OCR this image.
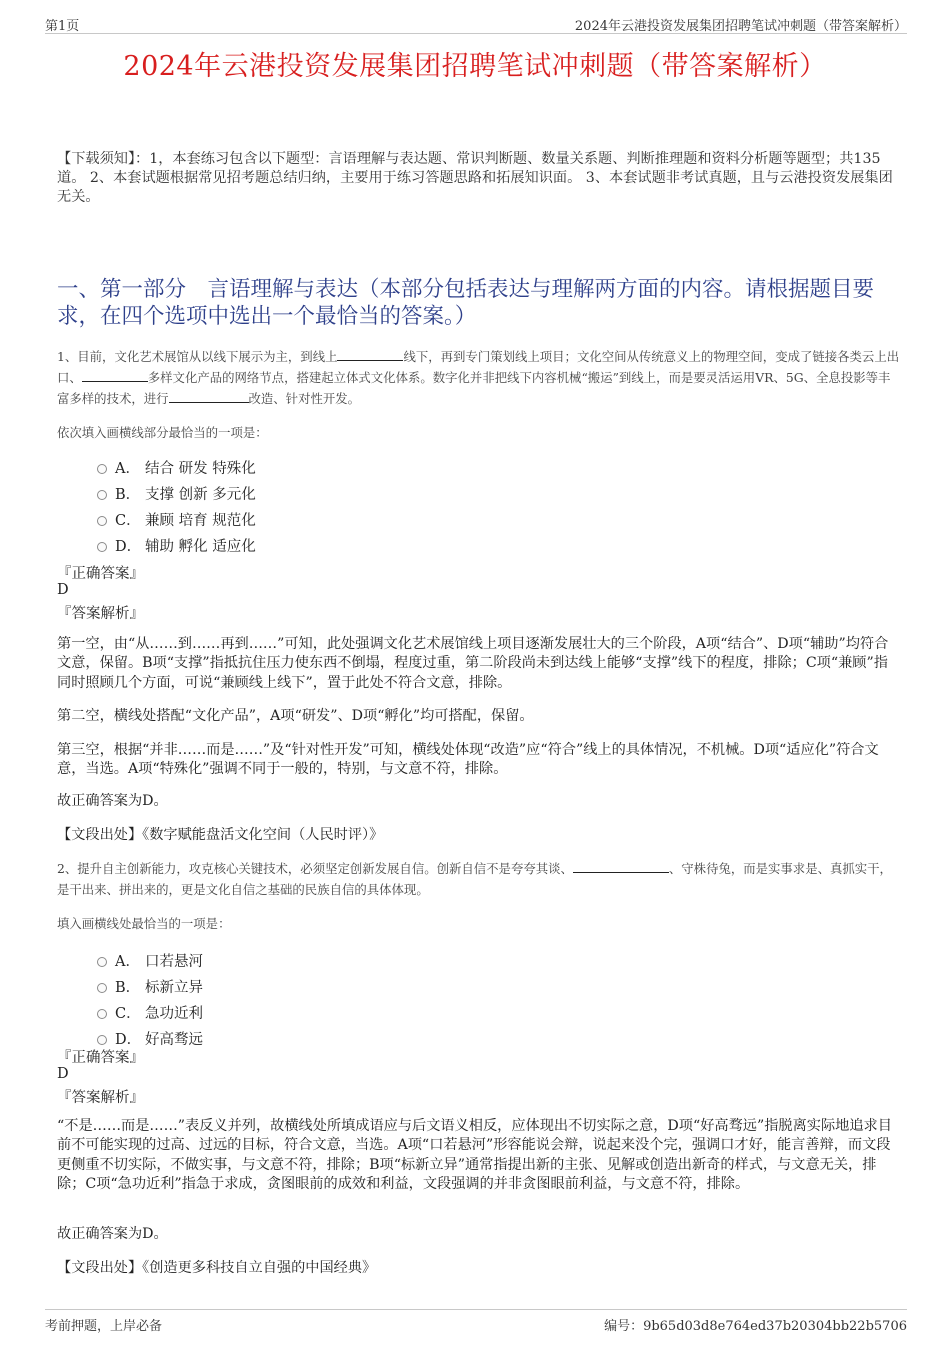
第1页	2024年云港投资发展集团招聘笔试冲刺题（带答案解析）
2024年云港投资发展集团招聘笔试冲刺题（带答案解析）
【下载须知】：1，本套练习包含以下题型：言语理解与表达题、常识判断题、数量关系题、判断推理题和资料分析题等题型；共135道。 2、本套试题根据常见招考题总结归纳，主要用于练习答题思路和拓展知识面。 3、本套试题非考试真题，且与云港投资发展集团无关。
一、第一部分　言语理解与表达（本部分包括表达与理解两方面的内容。请根据题目要求，在四个选项中选出一个最恰当的答案。）
1、目前，文化艺术展馆从以线下展示为主，到线上	线下，再到专门策划线上项目；文化空间从传统意义上的物理空间，变成了链接各类云上出口、	多样文化产品的网络节点，搭建起立体式文化体系。数字化并非把线下内容机械“搬运”到线上，而是要灵活运用VR、5G、全息投影等丰富多样的技术，进行	改造、针对性开发。
依次填入画横线部分最恰当的一项是：
A． 结合 研发 特殊化
B． 支撑 创新 多元化
C． 兼顾 培育 规范化
D． 辅助 孵化 适应化
『正确答案』
D
『答案解析』
第一空，由“从……到……再到……”可知，此处强调文化艺术展馆线上项目逐渐发展壮大的三个阶段，A项“结合”、D项“辅助”均符合文意，保留。B项“支撑”指抵抗住压力使东西不倒塌，程度过重，第二阶段尚未到达线上能够“支撑”线下的程度，排除；C项“兼顾”指同时照顾几个方面，可说“兼顾线上线下”，置于此处不符合文意，排除。
第二空，横线处搭配“文化产品”，A项“研发”、D项“孵化”均可搭配，保留。
第三空，根据“并非……而是……”及“针对性开发”可知，横线处体现“改造”应“符合”线上的具体情况，不机械。D项“适应化”符合文意，当选。A项“特殊化”强调不同于一般的，特别，与文意不符，排除。
故正确答案为D。
【文段出处】《数字赋能盘活文化空间（人民时评）》
2、提升自主创新能力，攻克核心关键技术，必须坚定创新发展自信。创新自信不是夸夸其谈、	、守株待兔，而是实事求是、真抓实干，是干出来、拼出来的，更是文化自信之基础的民族自信的具体体现。
填入画横线处最恰当的一项是：
A． 口若悬河
B． 标新立异
C． 急功近利
D． 好高骛远
『正确答案』
D
『答案解析』
“不是……而是……”表反义并列，故横线处所填成语应与后文语义相反，应体现出不切实际之意，D项“好高骛远”指脱离实际地追求目前不可能实现的过高、过远的目标，符合文意，当选。A项“口若悬河”形容能说会辩，说起来没个完，强调口才好，能言善辩，而文段更侧重不切实际，不做实事，与文意不符，排除；B项“标新立异”通常指提出新的主张、见解或创造出新奇的样式，与文意无关，排除；C项“急功近利”指急于求成，贪图眼前的成效和利益，文段强调的并非贪图眼前利益，与文意不符，排除。
故正确答案为D。
【文段出处】《创造更多科技自立自强的中国经典》
考前押题，上岸必备	编号：9b65d03d8e764ed37b20304bb22b5706
